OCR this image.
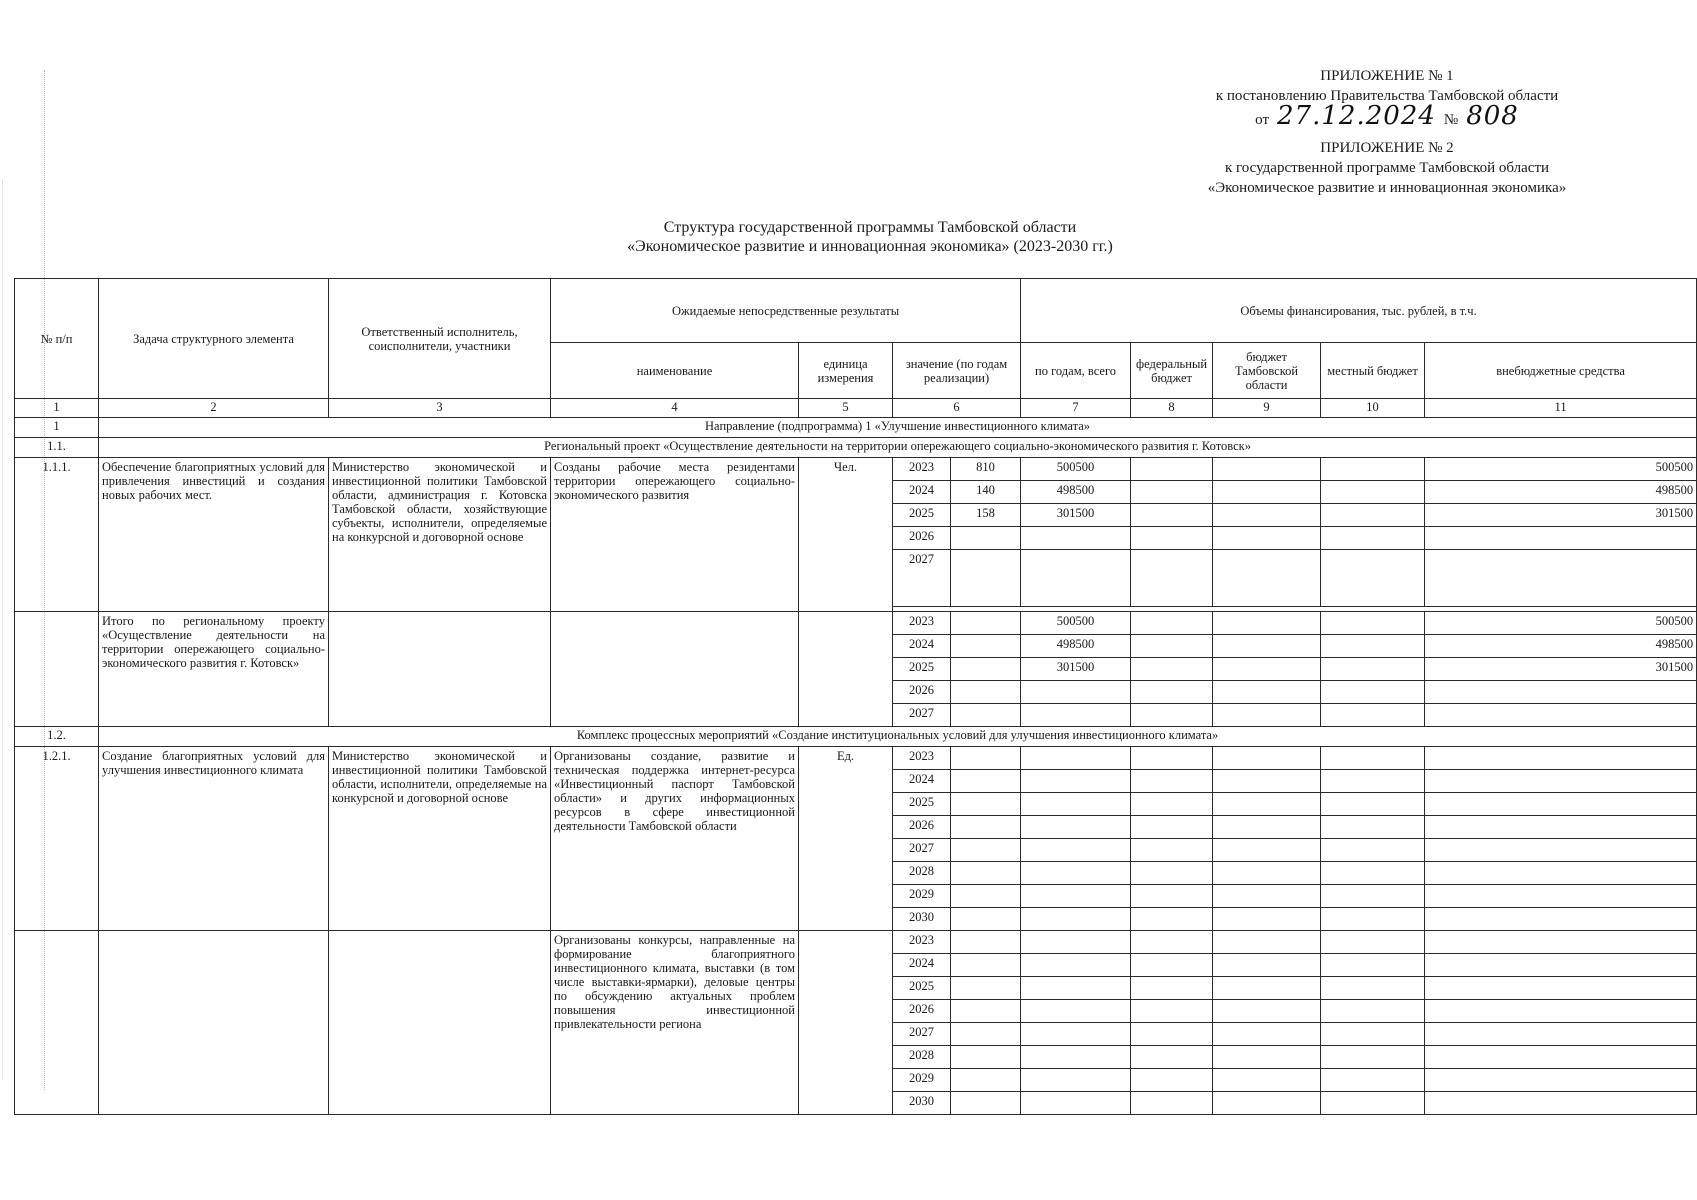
ПРИЛОЖЕНИЕ № 1
к постановлению Правительства Тамбовской области
от 27.12.2024 № 808
ПРИЛОЖЕНИЕ № 2
к государственной программе Тамбовской области
«Экономическое развитие и инновационная экономика»
Структура государственной программы Тамбовской области
«Экономическое развитие и инновационная экономика» (2023-2030 гг.)
№ п/п	Задача структурного элемента	Ответственный исполнитель, соисполнители, участники	Ожидаемые непосредственные результаты				Объемы финансирования, тыс. рублей, в т.ч.				
			наименование	единица измерения	значение (по годам реализации)		по годам, всего	федеральный бюджет	бюджет Тамбовской области	местный бюджет	внебюджетные средства
1	2	3	4	5	6		7	8	9	10	11
1	Направление (подпрограмма) 1 «Улучшение инвестиционного климата»										
1.1.	Региональный проект «Осуществление деятельности на территории опережающего социально-экономического развития г. Котовск»										
1.1.1.	Обеспечение благоприятных условий для привлечения инвестиций и создания новых рабочих мест.	Министерство экономической и инвестиционной политики Тамбовской области, администрация г. Котовска Тамбовской области, хозяйствующие субъекты, исполнители, определяемые на конкурсной и договорной основе	Созданы рабочие места резидентами территории опережающего социально-экономического развития	Чел.	2023	810	500500				500500
					2024	140	498500				498500
					2025	158	301500				301500
					2026						
					2027						

	Итого по региональному проекту «Осуществление деятельности на территории опережающего социально-экономического развития г. Котовск»				2023		500500				500500
					2024		498500				498500
					2025		301500				301500
					2026						
					2027						
1.2.	Комплекс процессных мероприятий «Создание институциональных условий для улучшения инвестиционного климата»										
1.2.1.	Создание благоприятных условий для улучшения инвестиционного климата	Министерство экономической и инвестиционной политики Тамбовской области, исполнители, определяемые на конкурсной и договорной основе	Организованы создание, развитие и техническая поддержка интернет-ресурса «Инвестиционный паспорт Тамбовской области» и других информационных ресурсов в сфере инвестиционной деятельности Тамбовской области	Ед.	2023						
					2024						
					2025						
					2026						
					2027						
					2028						
					2029						
					2030						
			Организованы конкурсы, направленные на формирование благоприятного инвестиционного климата, выставки (в том числе выставки-ярмарки), деловые центры по обсуждению актуальных проблем повышения инвестиционной привлекательности региона		2023						
					2024						
					2025						
					2026						
					2027						
					2028						
					2029						
					2030						
